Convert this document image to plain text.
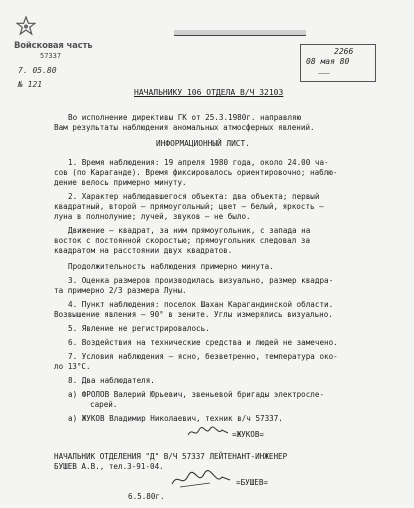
Войсковая часть
57337
7. 05.80
№ 121
2266
08 мая 80
———
НАЧАЛЬНИКУ 106 ОТДЕЛА В/Ч 32103
Во исполнение директивы ГК от 25.3.1980г. направляю
Вам результаты наблюдения аномальных атмосферных явлений.
ИНФОРМАЦИОННЫЙ ЛИСТ.
1. Время наблюдения: 19 апреля 1980 года, около 24.00 ча-
сов (по Караганде). Время фиксировалось ориентировочно; наблю-
дение велось примерно минуту.
2. Характер наблюдавшегося объекта: два объекта; первый
квадратный, второй – прямоугольный; цвет – белый, яркость –
луна в полнолуние; лучей, звуков – не было.
Движение – квадрат, за ним прямоугольник, с запада на
восток с постоянной скоростью; прямоугольник следовал за
квадратом на расстоянии двух квадратов.
Продолжительность наблюдения примерно минута.
3. Оценка размеров производилась визуально, размер квадра-
та примерно 2/3 размера Луны.
4. Пункт наблюдения: поселок Шахан Карагандинской области.
Возвышение явления – 90° в зените. Углы измерялись визуально.
5. Явление не регистрировалось.
6. Воздействия на технические средства и людей не замечено.
7. Условия наблюдения – ясно, безветренно, температура око-
ло 13°С.
8. Два наблюдателя.
а) ФРОЛОВ Валерий Юрьевич, звеньевой бригады электросле-
сарей.
а) ЖУКОВ Владимир Николаевич, техник в/ч 57337.
=ЖУКОВ=
НАЧАЛЬНИК ОТДЕЛЕНИЯ "Д" В/Ч 57337 ЛЕЙТЕНАНТ-ИНЖЕНЕР
БУШЕВ А.В., тел.3-91-04.
=БУШЕВ=
6.5.80г.
